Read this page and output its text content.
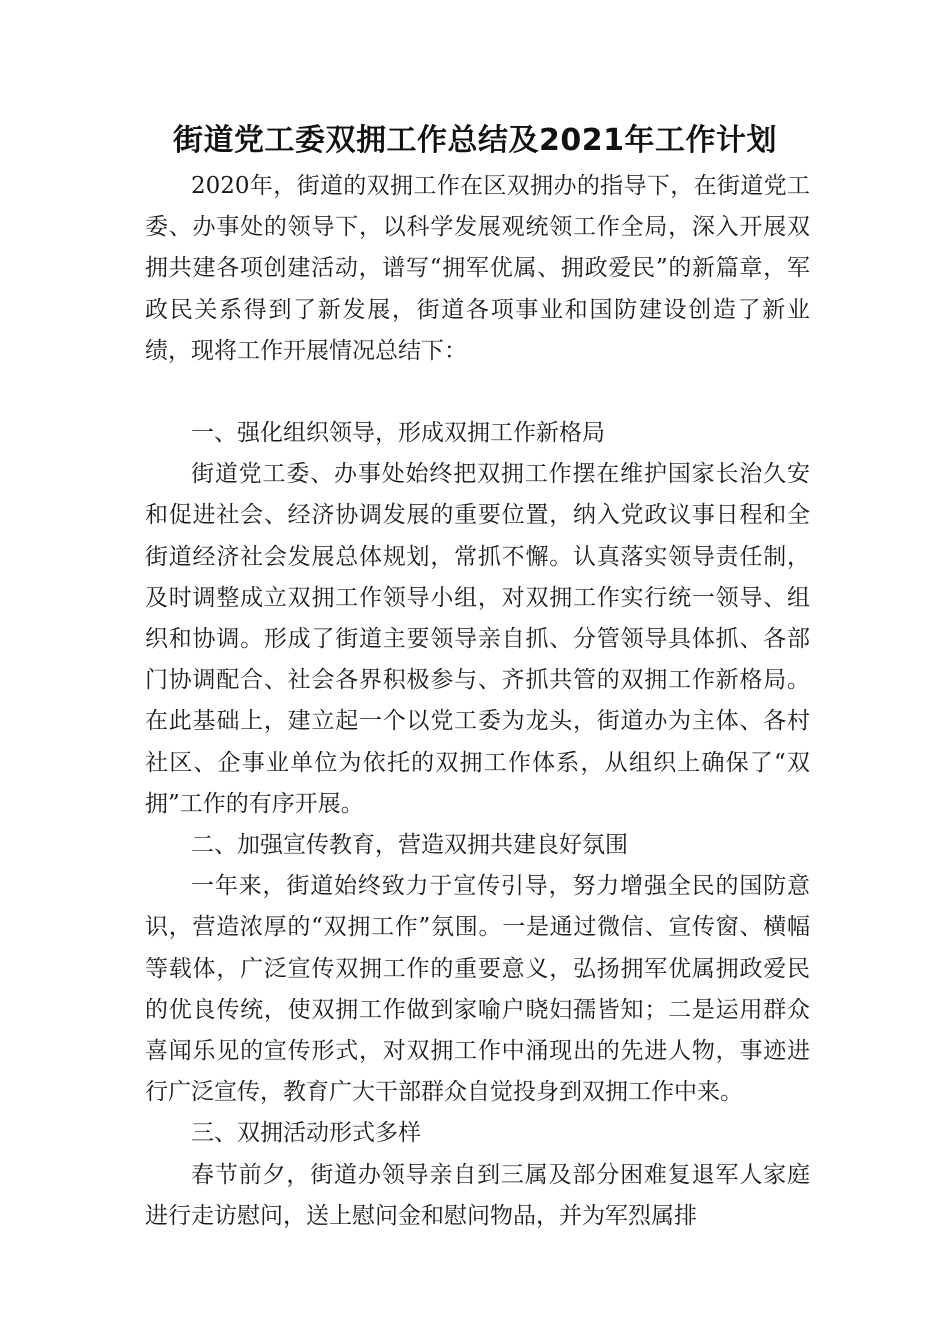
街道党工委双拥工作总结及2021年工作计划

2020年，街道的双拥工作在区双拥办的指导下，在街道党工委、办事处的领导下，以科学发展观统领工作全局，深入开展双拥共建各项创建活动，谱写“拥军优属、拥政爱民”的新篇章，军政民关系得到了新发展，街道各项事业和国防建设创造了新业绩，现将工作开展情况总结下：

一、强化组织领导，形成双拥工作新格局

街道党工委、办事处始终把双拥工作摆在维护国家长治久安和促进社会、经济协调发展的重要位置，纳入党政议事日程和全街道经济社会发展总体规划，常抓不懈。认真落实领导责任制，及时调整成立双拥工作领导小组，对双拥工作实行统一领导、组织和协调。形成了街道主要领导亲自抓、分管领导具体抓、各部门协调配合、社会各界积极参与、齐抓共管的双拥工作新格局。在此基础上，建立起一个以党工委为龙头，街道办为主体、各村社区、企事业单位为依托的双拥工作体系，从组织上确保了“双拥”工作的有序开展。

二、加强宣传教育，营造双拥共建良好氛围

一年来，街道始终致力于宣传引导，努力增强全民的国防意识，营造浓厚的“双拥工作”氛围。一是通过微信、宣传窗、横幅等载体，广泛宣传双拥工作的重要意义，弘扬拥军优属拥政爱民的优良传统，使双拥工作做到家喻户晓妇孺皆知；二是运用群众喜闻乐见的宣传形式，对双拥工作中涌现出的先进人物，事迹进行广泛宣传，教育广大干部群众自觉投身到双拥工作中来。

三、双拥活动形式多样

春节前夕，街道办领导亲自到三属及部分困难复退军人家庭进行走访慰问，送上慰问金和慰问物品，并为军烈属排
